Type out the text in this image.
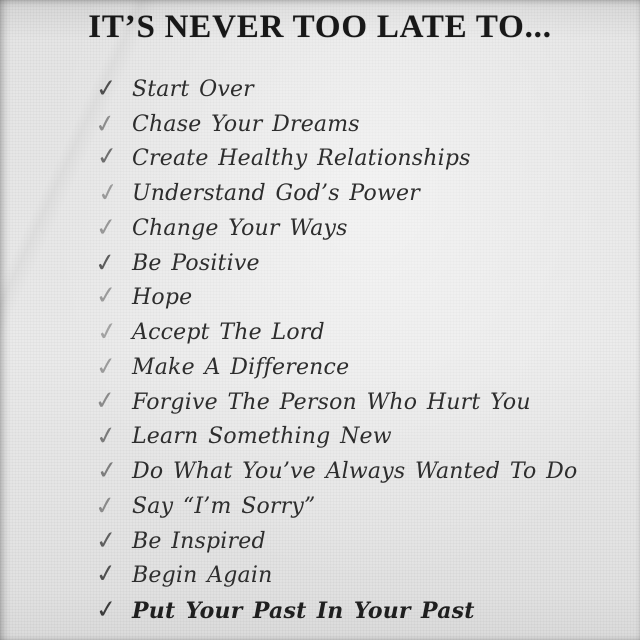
IT’S NEVER TOO LATE TO...
✓ Start Over
✓ Chase Your Dreams
✓ Create Healthy Relationships
✓ Understand God’s Power
✓ Change Your Ways
✓ Be Positive
✓ Hope
✓ Accept The Lord
✓ Make A Difference
✓ Forgive The Person Who Hurt You
✓ Learn Something New
✓ Do What You’ve Always Wanted To Do
✓ Say “I’m Sorry”
✓ Be Inspired
✓ Begin Again
✓ Put Your Past In Your Past
